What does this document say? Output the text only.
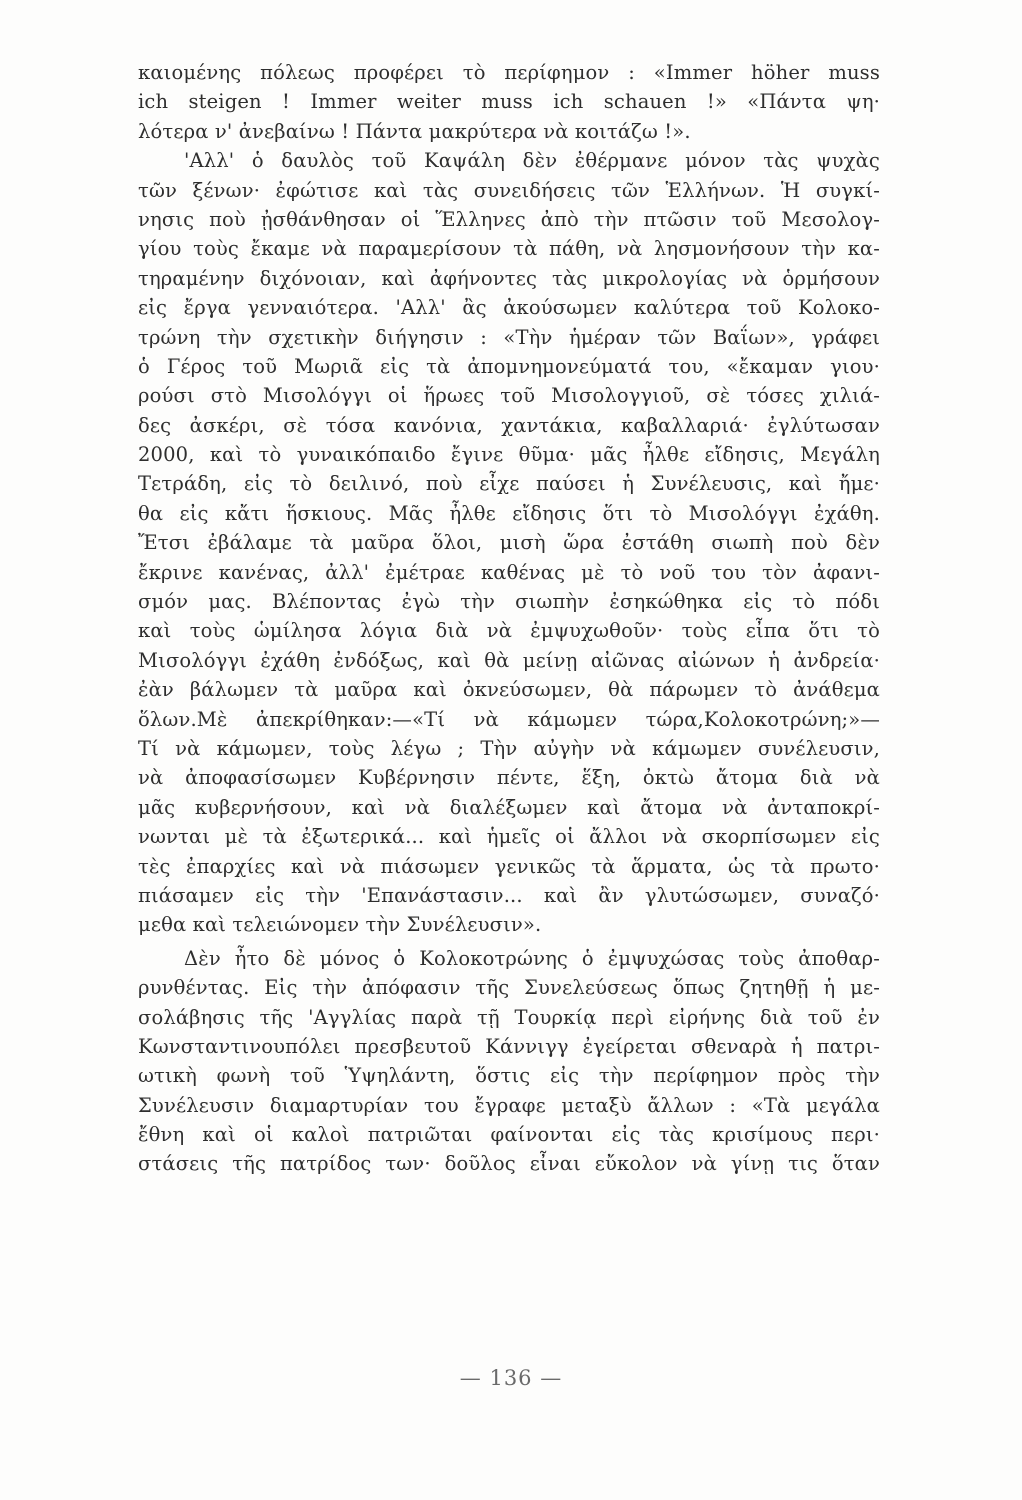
καιομένης πόλεως προφέρει τὸ περίφημον : «Immer höher muss
ich steigen ! Immer weiter muss ich schauen !» «Πάντα ψη·
λότερα ν' ἀνεβαίνω ! Πάντα μακρύτερα νὰ κοιτάζω !».
'Αλλ' ὁ δαυλὸς τοῦ Καψάλη δὲν ἐθέρμανε μόνον τὰς ψυχὰς
τῶν ξένων· ἐφώτισε καὶ τὰς συνειδήσεις τῶν Ἑλλήνων. Ἡ συγκί-
νησις ποὺ ᾐσθάνθησαν οἱ Ἕλληνες ἀπὸ τὴν πτῶσιν τοῦ Μεσολογ-
γίου τοὺς ἔκαμε νὰ παραμερίσουν τὰ πάθη, νὰ λησμονήσουν τὴν κα-
τηραμένην διχόνοιαν, καὶ ἀφήνοντες τὰς μικρολογίας νὰ ὁρμήσουν
εἰς ἔργα γενναιότερα. 'Αλλ' ἂς ἀκούσωμεν καλύτερα τοῦ Κολοκο-
τρώνη τὴν σχετικὴν διήγησιν : «Τὴν ἡμέραν τῶν Βαΐων», γράφει
ὁ Γέρος τοῦ Μωριᾶ εἰς τὰ ἀπομνημονεύματά του, «ἔκαμαν γιου·
ρούσι στὸ Μισολόγγι οἱ ἥρωες τοῦ Μισολογγιοῦ, σὲ τόσες χιλιά-
δες ἀσκέρι, σὲ τόσα κανόνια, χαντάκια, καβαλλαριά· ἐγλύτωσαν
2000, καὶ τὸ γυναικόπαιδο ἔγινε θῦμα· μᾶς ἦλθε εἴδησις, Μεγάλη
Τετράδη, εἰς τὸ δειλινό, ποὺ εἶχε παύσει ἡ Συνέλευσις, καὶ ἤμε·
θα εἰς κἄτι ἥσκιους. Μᾶς ἦλθε εἴδησις ὅτι τὸ Μισολόγγι ἐχάθη.
Ἔτσι ἐβάλαμε τὰ μαῦρα ὅλοι, μισὴ ὥρα ἐστάθη σιωπὴ ποὺ δὲν
ἔκρινε κανένας, ἀλλ' ἐμέτραε καθένας μὲ τὸ νοῦ του τὸν ἀφανι-
σμόν μας. Βλέποντας ἐγὼ τὴν σιωπὴν ἐσηκώθηκα εἰς τὸ πόδι
καὶ τοὺς ὡμίλησα λόγια διὰ νὰ ἐμψυχωθοῦν· τοὺς εἶπα ὅτι τὸ
Μισολόγγι ἐχάθη ἐνδόξως, καὶ θὰ μείνῃ αἰῶνας αἰώνων ἡ ἀνδρεία·
ἐὰν βάλωμεν τὰ μαῦρα καὶ ὀκνεύσωμεν, θὰ πάρωμεν τὸ ἀνάθεμα
ὅλων.Μὲ ἀπεκρίθηκαν:—«Τί νὰ κάμωμεν τώρα,Κολοκοτρώνη;»—
Τί νὰ κάμωμεν, τοὺς λέγω ; Τὴν αὐγὴν νὰ κάμωμεν συνέλευσιν,
νὰ ἀποφασίσωμεν Κυβέρνησιν πέντε, ἕξη, ὀκτὼ ἄτομα διὰ νὰ
μᾶς κυβερνήσουν, καὶ νὰ διαλέξωμεν καὶ ἄτομα νὰ ἀνταποκρί-
νωνται μὲ τὰ ἐξωτερικά... καὶ ἡμεῖς οἱ ἄλλοι νὰ σκορπίσωμεν εἰς
τὲς ἐπαρχίες καὶ νὰ πιάσωμεν γενικῶς τὰ ἅρματα, ὡς τὰ πρωτο·
πιάσαμεν εἰς τὴν 'Επανάστασιν... καὶ ἂν γλυτώσωμεν, συναζό·
μεθα καὶ τελειώνομεν τὴν Συνέλευσιν».
Δὲν ἦτο δὲ μόνος ὁ Κολοκοτρώνης ὁ ἐμψυχώσας τοὺς ἀποθαρ-
ρυνθέντας. Εἰς τὴν ἀπόφασιν τῆς Συνελεύσεως ὅπως ζητηθῇ ἡ με-
σολάβησις τῆς 'Αγγλίας παρὰ τῇ Τουρκίᾳ περὶ εἰρήνης διὰ τοῦ ἐν
Κωνσταντινουπόλει πρεσβευτοῦ Κάννιγγ ἐγείρεται σθεναρὰ ἡ πατρι-
ωτικὴ φωνὴ τοῦ Ὑψηλάντη, ὅστις εἰς τὴν περίφημον πρὸς τὴν
Συνέλευσιν διαμαρτυρίαν του ἔγραφε μεταξὺ ἄλλων : «Τὰ μεγάλα
ἔθνη καὶ οἱ καλοὶ πατριῶται φαίνονται εἰς τὰς κρισίμους περι·
στάσεις τῆς πατρίδος των· δοῦλος εἶναι εὔκολον νὰ γίνῃ τις ὅταν
— 136 —
